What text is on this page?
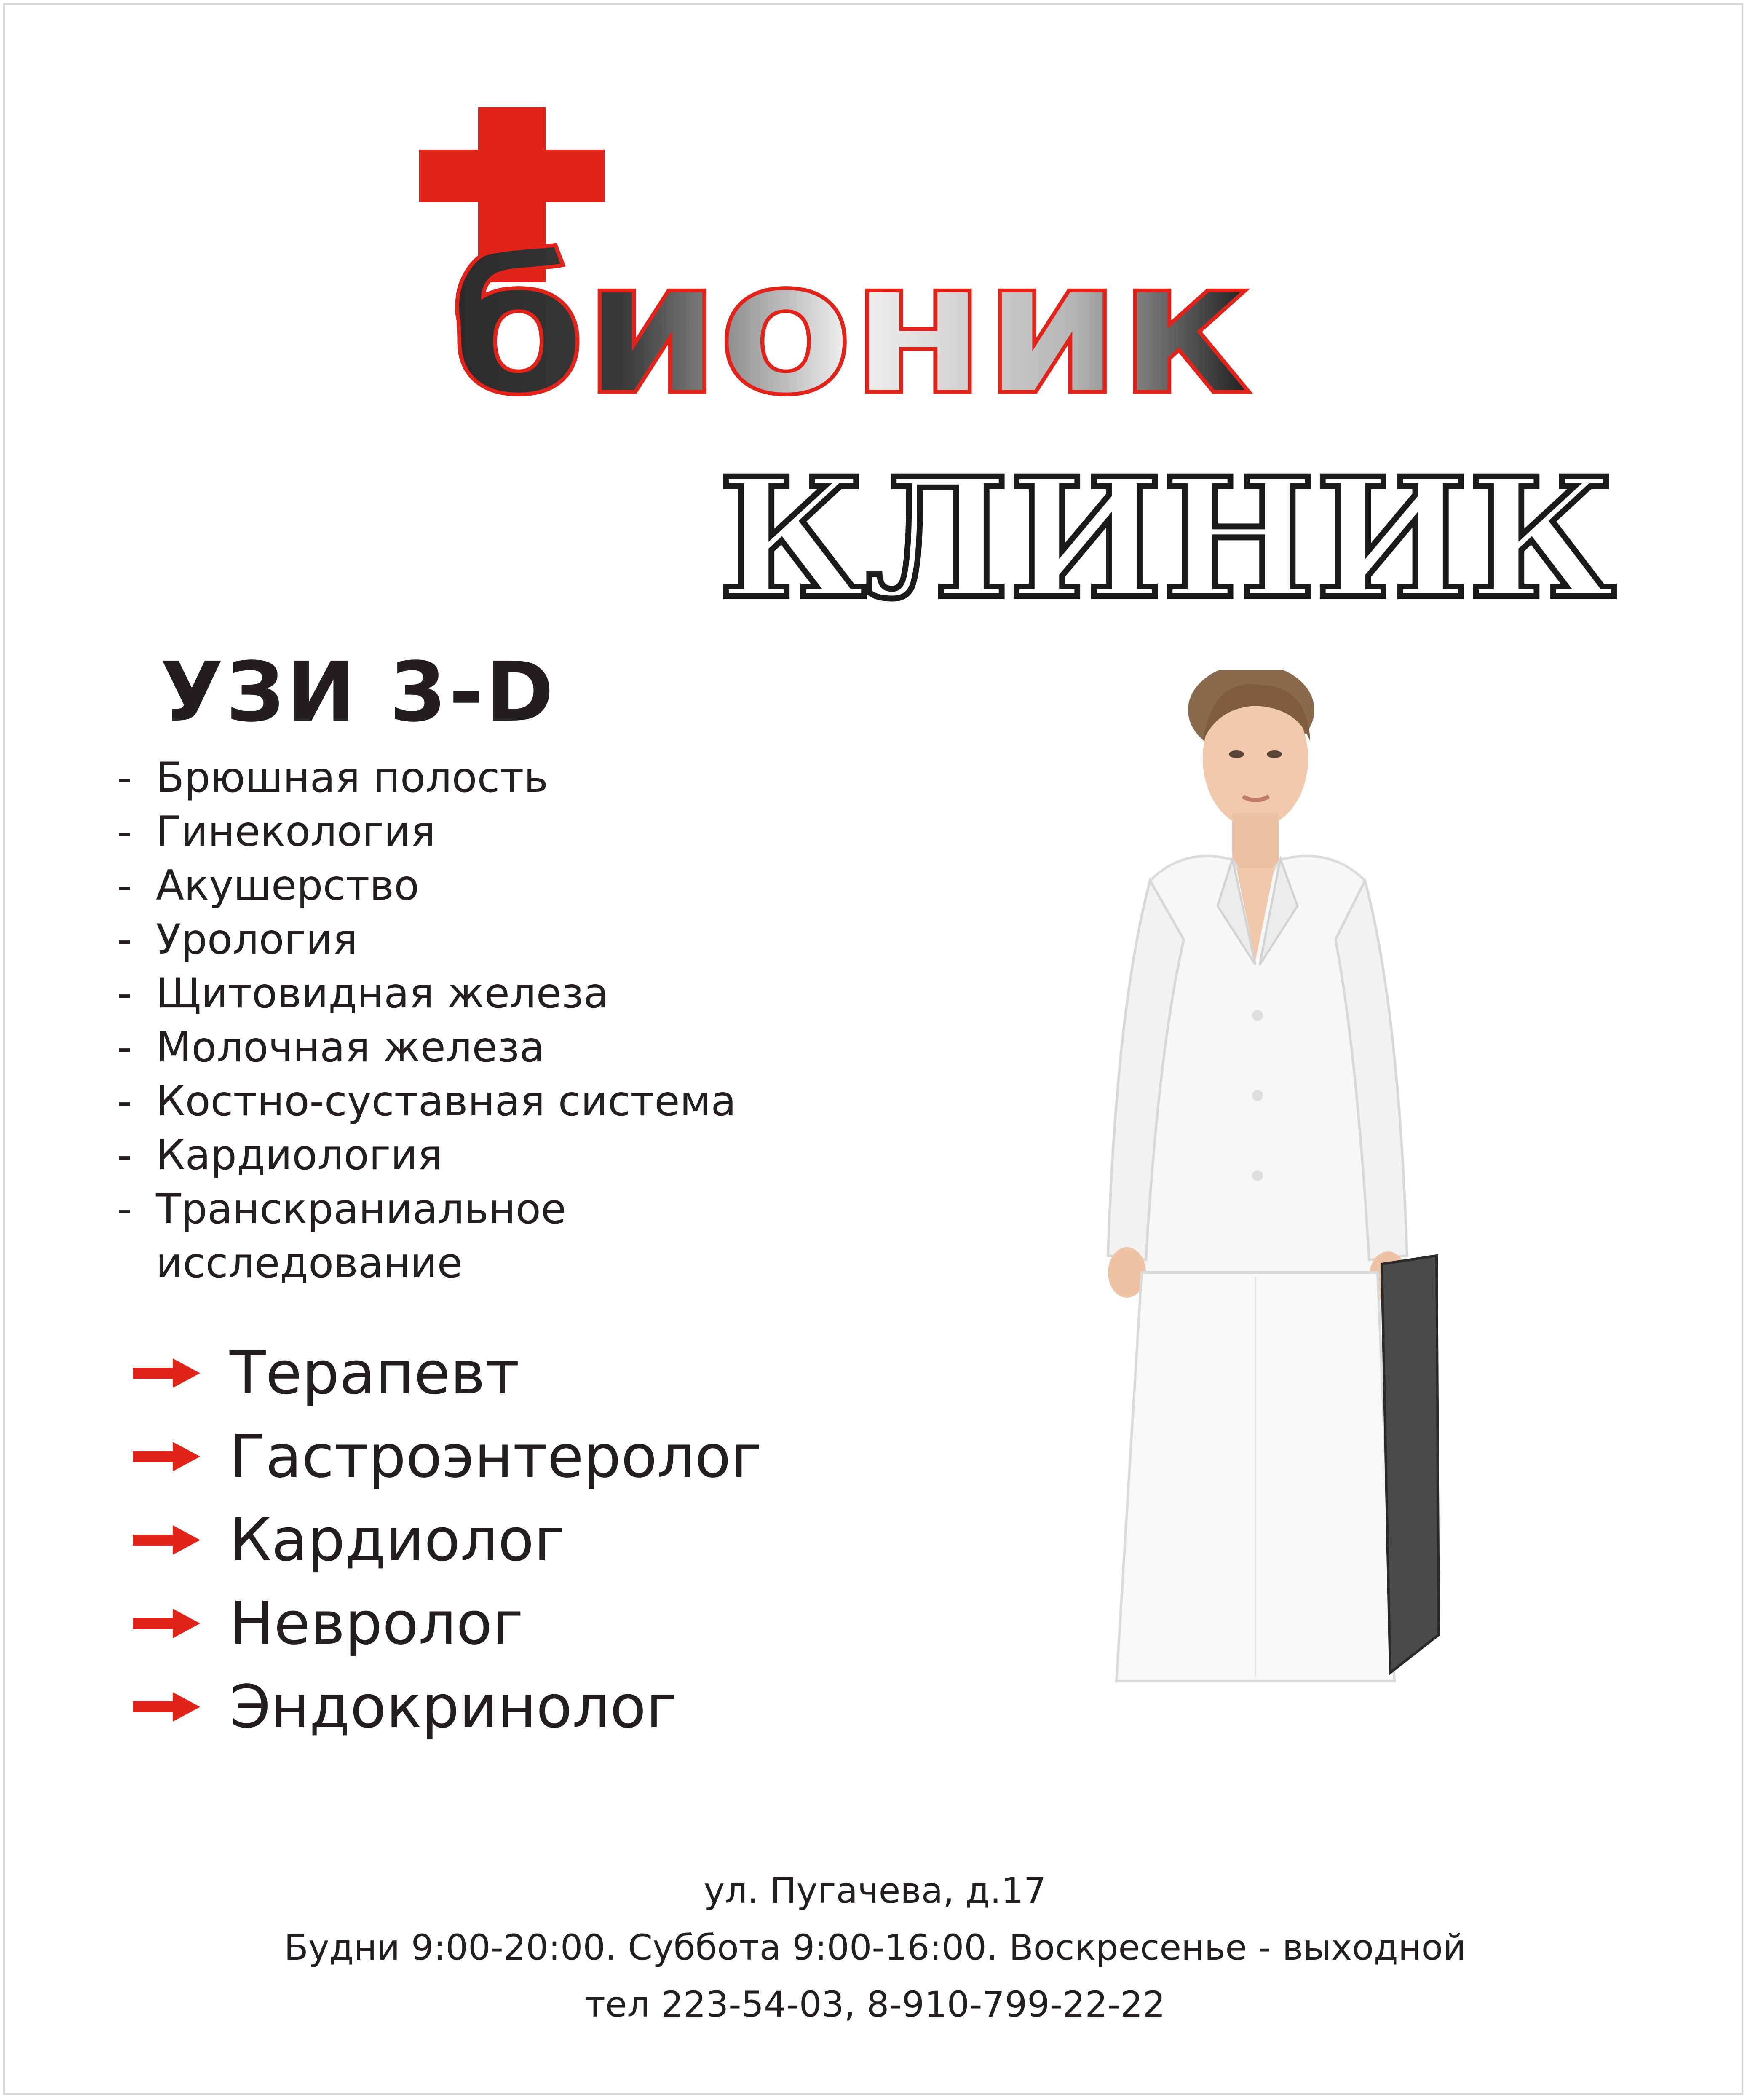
бионик
КЛИНИК
УЗИ 3-D
- Брюшная полость
- Гинекология
- Акушерство
- Урология
- Щитовидная железа
- Молочная железа
- Костно-суставная система
- Кардиология
- Транскраниальное
исследование
Терапевт
Гастроэнтеролог
Кардиолог
Невролог
Эндокринолог
ул. Пугачева, д.17
Будни 9:00-20:00. Суббота 9:00-16:00. Воскресенье - выходной
тел 223-54-03, 8-910-799-22-22
